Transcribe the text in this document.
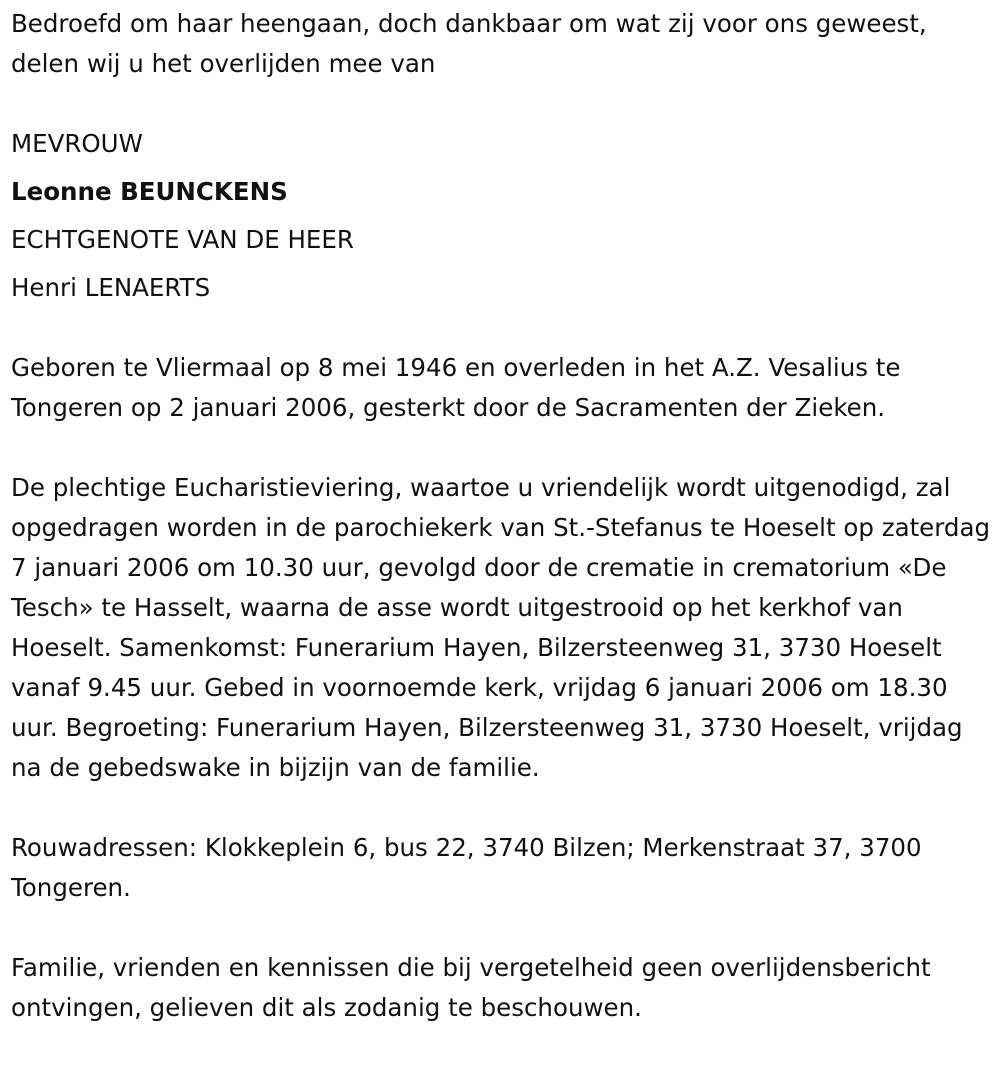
Bedroefd om haar heengaan, doch dankbaar om wat zij voor ons geweest, delen wij u het overlijden mee van

MEVROUW

Leonne BEUNCKENS

ECHTGENOTE VAN DE HEER

Henri LENAERTS

Geboren te Vliermaal op 8 mei 1946 en overleden in het A.Z. Vesalius te Tongeren op 2 januari 2006, gesterkt door de Sacramenten der Zieken.

De plechtige Eucharistieviering, waartoe u vriendelijk wordt uitgenodigd, zal opgedragen worden in de parochiekerk van St.-Stefanus te Hoeselt op zaterdag 7 januari 2006 om 10.30 uur, gevolgd door de crematie in crematorium «De Tesch» te Hasselt, waarna de asse wordt uitgestrooid op het kerkhof van Hoeselt. Samenkomst: Funerarium Hayen, Bilzersteenweg 31, 3730 Hoeselt vanaf 9.45 uur. Gebed in voornoemde kerk, vrijdag 6 januari 2006 om 18.30 uur. Begroeting: Funerarium Hayen, Bilzersteenweg 31, 3730 Hoeselt, vrijdag na de gebedswake in bijzijn van de familie.

Rouwadressen: Klokkeplein 6, bus 22, 3740 Bilzen; Merkenstraat 37, 3700 Tongeren.

Familie, vrienden en kennissen die bij vergetelheid geen overlijdensbericht ontvingen, gelieven dit als zodanig te beschouwen.
